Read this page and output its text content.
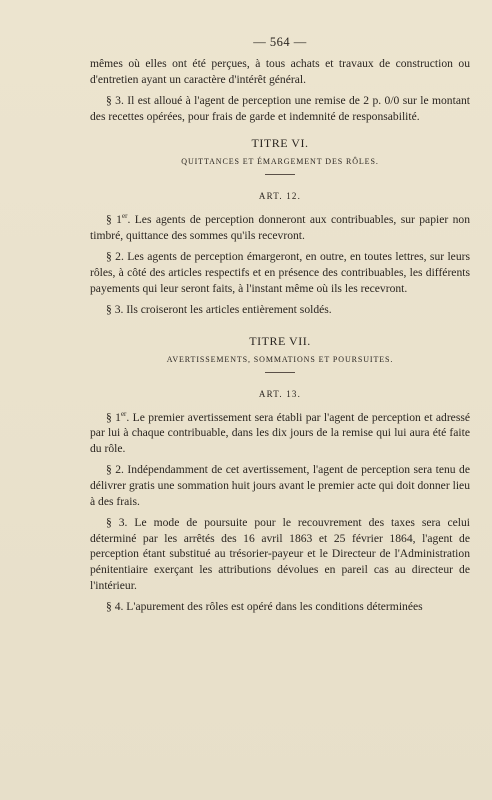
— 564 —

mêmes où elles ont été perçues, à tous achats et travaux de construction ou d'entretien ayant un caractère d'intérêt général.

§ 3. Il est alloué à l'agent de perception une remise de 2 p. 0/0 sur le montant des recettes opérées, pour frais de garde et indemnité de responsabilité.

TITRE VI.
QUITTANCES ET ÉMARGEMENT DES RÔLES.
ART. 12.

§ 1er. Les agents de perception donneront aux contribuables, sur papier non timbré, quittance des sommes qu'ils recevront.

§ 2. Les agents de perception émargeront, en outre, en toutes lettres, sur leurs rôles, à côté des articles respectifs et en présence des contribuables, les différents payements qui leur seront faits, à l'instant même où ils les recevront.

§ 3. Ils croiseront les articles entièrement soldés.

TITRE VII.
AVERTISSEMENTS, SOMMATIONS ET POURSUITES.
ART. 13.

§ 1er. Le premier avertissement sera établi par l'agent de perception et adressé par lui à chaque contribuable, dans les dix jours de la remise qui lui aura été faite du rôle.

§ 2. Indépendamment de cet avertissement, l'agent de perception sera tenu de délivrer gratis une sommation huit jours avant le premier acte qui doit donner lieu à des frais.

§ 3. Le mode de poursuite pour le recouvrement des taxes sera celui déterminé par les arrêtés des 16 avril 1863 et 25 février 1864, l'agent de perception étant substitué au trésorier-payeur et le Directeur de l'Administration pénitentiaire exerçant les attributions dévolues en pareil cas au directeur de l'intérieur.

§ 4. L'apurement des rôles est opéré dans les conditions déterminées
